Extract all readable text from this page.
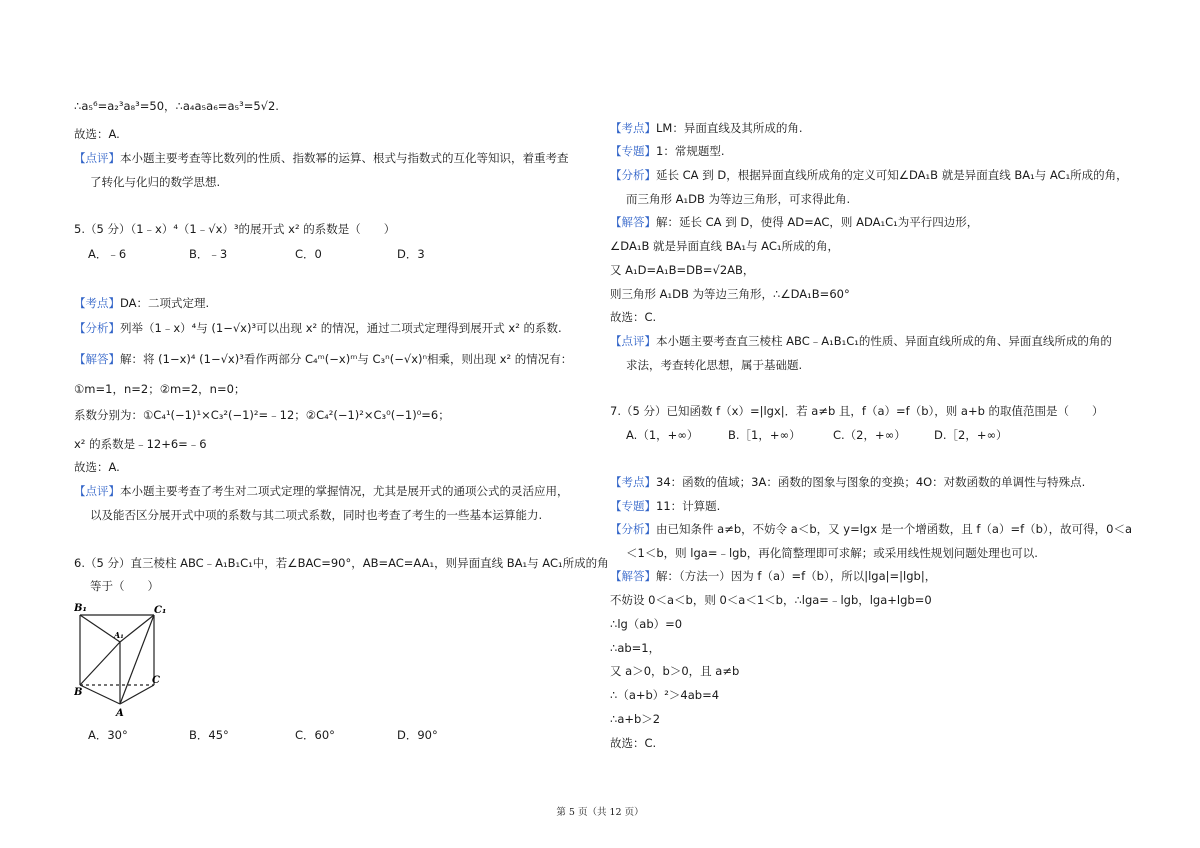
∴a₅⁶=a₂³a₈³=50，∴a₄a₅a₆=a₅³=5√2.
故选：A.
【点评】本小题主要考查等比数列的性质、指数幂的运算、根式与指数式的互化等知识，着重考查
了转化与化归的数学思想.
5.（5 分）（1﹣x）⁴（1﹣√x）³的展开式 x² 的系数是（　　）
A．﹣6	B．﹣3	C．0	D．3
【考点】DA：二项式定理.
【分析】列举（1﹣x）⁴与 (1−√x)³可以出现 x² 的情况，通过二项式定理得到展开式 x² 的系数.
【解答】解：将 (1−x)⁴ (1−√x)³看作两部分 C₄ᵐ(−x)ᵐ与 C₃ⁿ(−√x)ⁿ相乘，则出现 x² 的情况有：
①m=1，n=2；②m=2，n=0；
系数分别为：①C₄¹(−1)¹×C₃²(−1)²=﹣12；②C₄²(−1)²×C₃⁰(−1)⁰=6；
x² 的系数是﹣12+6=﹣6
故选：A.
【点评】本小题主要考查了考生对二项式定理的掌握情况，尤其是展开式的通项公式的灵活应用，
以及能否区分展开式中项的系数与其二项式系数，同时也考查了考生的一些基本运算能力.
6.（5 分）直三棱柱 ABC﹣A₁B₁C₁中，若∠BAC=90°，AB=AC=AA₁，则异面直线 BA₁与 AC₁所成的角
等于（　　）
B₁	C₁
A₁
B
C
A
A．30°	B．45°	C．60°	D．90°
【考点】LM：异面直线及其所成的角.
【专题】1：常规题型.
【分析】延长 CA 到 D，根据异面直线所成角的定义可知∠DA₁B 就是异面直线 BA₁与 AC₁所成的角，
而三角形 A₁DB 为等边三角形，可求得此角.
【解答】解：延长 CA 到 D，使得 AD=AC，则 ADA₁C₁为平行四边形，
∠DA₁B 就是异面直线 BA₁与 AC₁所成的角，
又 A₁D=A₁B=DB=√2AB，
则三角形 A₁DB 为等边三角形，∴∠DA₁B=60°
故选：C.
【点评】本小题主要考查直三棱柱 ABC﹣A₁B₁C₁的性质、异面直线所成的角、异面直线所成的角的
求法，考查转化思想，属于基础题.
7.（5 分）已知函数 f（x）=|lgx|．若 a≠b 且，f（a）=f（b），则 a+b 的取值范围是（　　）
A.（1，+∞）	B.［1，+∞）	C.（2，+∞） D.［2，+∞）
【考点】34：函数的值域；3A：函数的图象与图象的变换；4O：对数函数的单调性与特殊点.
【专题】11：计算题.
【分析】由已知条件 a≠b，不妨令 a＜b，又 y=lgx 是一个增函数，且 f（a）=f（b），故可得，0＜a
＜1＜b，则 lga=﹣lgb，再化简整理即可求解；或采用线性规划问题处理也可以.
【解答】解：（方法一）因为 f（a）=f（b），所以|lga|=|lgb|，
不妨设 0＜a＜b，则 0＜a＜1＜b，∴lga=﹣lgb，lga+lgb=0
∴lg（ab）=0
∴ab=1，
又 a＞0，b＞0，且 a≠b
∴（a+b）²＞4ab=4
∴a+b＞2
故选：C.
第 5 页（共 12 页）
